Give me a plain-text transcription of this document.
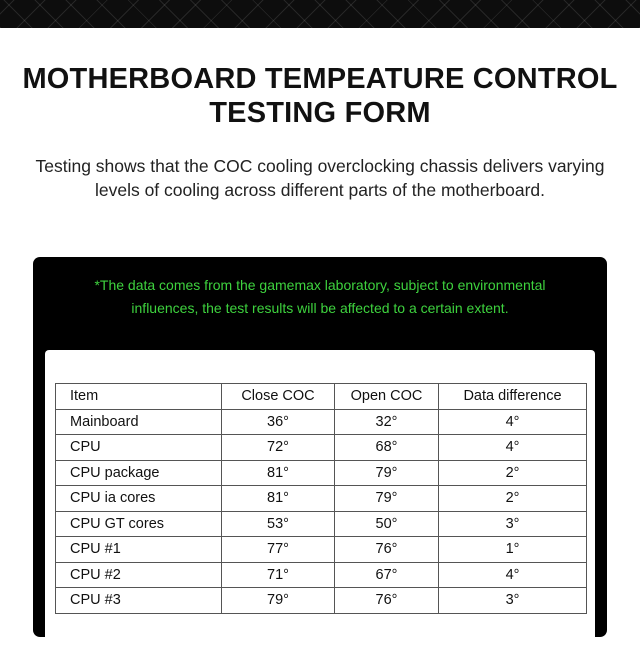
MOTHERBOARD TEMPEATURE CONTROL
TESTING FORM

Testing shows that the COC cooling overclocking chassis delivers varying
levels of cooling across different parts of the motherboard.

*The data comes from the gamemax laboratory, subject to environmental
influences, the test results will be affected to a certain extent.

Item	Close COC	Open COC	Data difference
Mainboard	36°	32°	4°
CPU	72°	68°	4°
CPU package	81°	79°	2°
CPU ia cores	81°	79°	2°
CPU GT cores	53°	50°	3°
CPU #1	77°	76°	1°
CPU #2	71°	67°	4°
CPU #3	79°	76°	3°
